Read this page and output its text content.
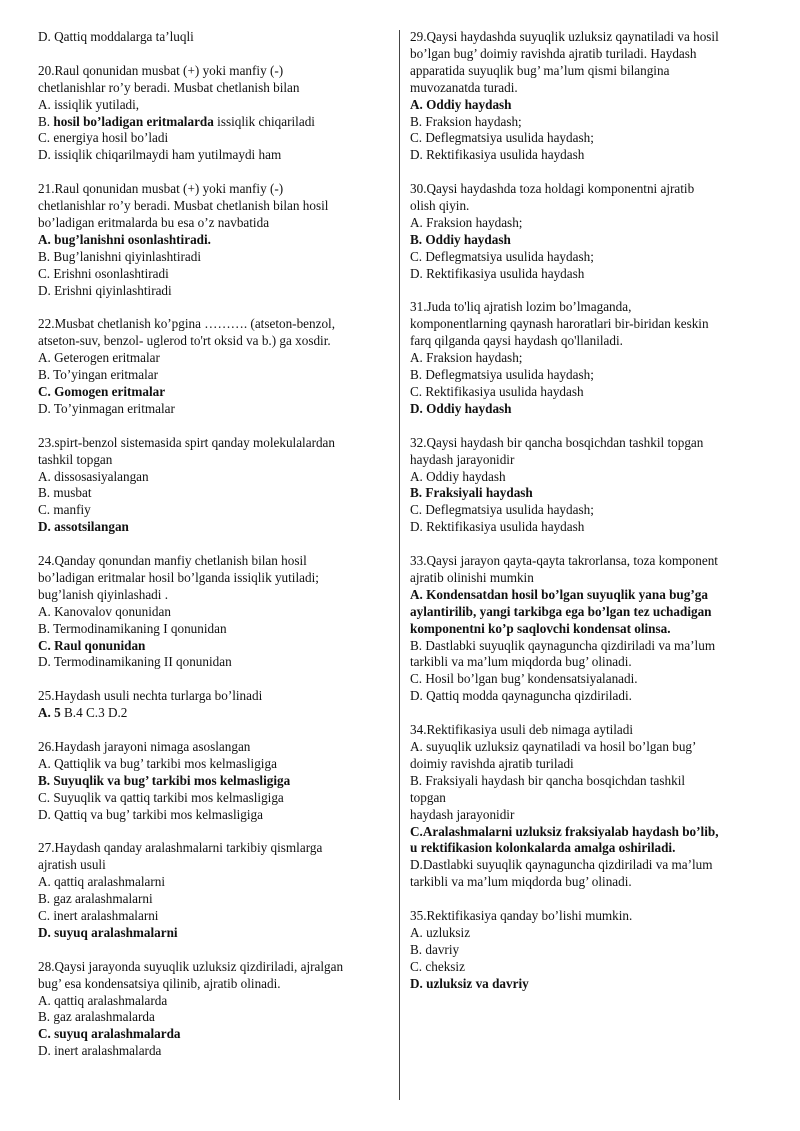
D. Qattiq moddalarga ta’luqli
20.Raul qonunidan musbat (+) yoki manfiy (-)
chetlanishlar ro’y beradi. Musbat chetlanish bilan
A. issiqlik yutiladi,
B. hosil bo’ladigan eritmalarda issiqlik chiqariladi
C. energiya hosil bo’ladi
D. issiqlik chiqarilmaydi ham yutilmaydi ham
21.Raul qonunidan musbat (+) yoki manfiy (-)
chetlanishlar ro’y beradi. Musbat chetlanish bilan hosil
bo’ladigan eritmalarda bu esa o’z navbatida
A. bug’lanishni osonlashtiradi.
B. Bug’lanishni qiyinlashtiradi
C. Erishni osonlashtiradi
D. Erishni qiyinlashtiradi
22.Musbat chetlanish ko’pgina ………. (atseton-benzol,
atseton-suv, benzol- uglerod to'rt oksid va b.) ga xosdir.
A. Geterogen eritmalar
B. To’yingan eritmalar
C. Gomogen eritmalar
D. To’yinmagan eritmalar
23.spirt-benzol sistemasida spirt qanday molekulalardan
tashkil topgan
A. dissosasiyalangan
B. musbat
C. manfiy
D. assotsilangan
24.Qanday qonundan manfiy chetlanish bilan hosil
bo’ladigan eritmalar hosil bo’lganda issiqlik yutiladi;
bug’lanish qiyinlashadi .
A. Kanovalov qonunidan
B. Termodinamikaning I qonunidan
C. Raul qonunidan
D. Termodinamikaning II qonunidan
25.Haydash usuli nechta turlarga bo’linadi
A. 5 B.4 C.3 D.2
26.Haydash jarayoni nimaga asoslangan
A. Qattiqlik va bug’ tarkibi mos kelmasligiga
B. Suyuqlik va bug’ tarkibi mos kelmasligiga
C. Suyuqlik va qattiq tarkibi mos kelmasligiga
D. Qattiq va bug’ tarkibi mos kelmasligiga
27.Haydash qanday aralashmalarni tarkibiy qismlarga
ajratish usuli
A. qattiq aralashmalarni
B. gaz aralashmalarni
C. inert aralashmalarni
D. suyuq aralashmalarni
28.Qaysi jarayonda suyuqlik uzluksiz qizdiriladi, ajralgan
bug’ esa kondensatsiya qilinib, ajratib olinadi.
A. qattiq aralashmalarda
B. gaz aralashmalarda
C. suyuq aralashmalarda
D. inert aralashmalarda
29.Qaysi haydashda suyuqlik uzluksiz qaynatiladi va hosil
bo’lgan bug’ doimiy ravishda ajratib turiladi. Haydash
apparatida suyuqlik bug’ ma’lum qismi bilangina
muvozanatda turadi.
A. Oddiy haydash
B. Fraksion haydash;
C. Deflegmatsiya usulida haydash;
D. Rektifikasiya usulida haydash
30.Qaysi haydashda toza holdagi komponentni ajratib
olish qiyin.
A. Fraksion haydash;
B. Oddiy haydash
C. Deflegmatsiya usulida haydash;
D. Rektifikasiya usulida haydash
31.Juda to'liq ajratish lozim bo’lmaganda,
komponentlarning qaynash haroratlari bir-biridan keskin
farq qilganda qaysi haydash qo'llaniladi.
A. Fraksion haydash;
B. Deflegmatsiya usulida haydash;
C. Rektifikasiya usulida haydash
D. Oddiy haydash
32.Qaysi haydash bir qancha bosqichdan tashkil topgan
haydash jarayonidir
A. Oddiy haydash
B. Fraksiyali haydash
C. Deflegmatsiya usulida haydash;
D. Rektifikasiya usulida haydash
33.Qaysi jarayon qayta-qayta takrorlansa, toza komponent
ajratib olinishi mumkin
A. Kondensatdan hosil bo’lgan suyuqlik yana bug’ga
aylantirilib, yangi tarkibga ega bo’lgan tez uchadigan
komponentni ko’p saqlovchi kondensat olinsa.
B. Dastlabki suyuqlik qaynaguncha qizdiriladi va ma’lum
tarkibli va ma’lum miqdorda bug’ olinadi.
C. Hosil bo’lgan bug’ kondensatsiyalanadi.
D. Qattiq modda qaynaguncha qizdiriladi.
34.Rektifikasiya usuli deb nimaga aytiladi
A. suyuqlik uzluksiz qaynatiladi va hosil bo’lgan bug’
doimiy ravishda ajratib turiladi
B. Fraksiyali haydash bir qancha bosqichdan tashkil
topgan
haydash jarayonidir
C.Aralashmalarni uzluksiz fraksiyalab haydash bo’lib,
u rektifikasion kolonkalarda amalga oshiriladi.
D.Dastlabki suyuqlik qaynaguncha qizdiriladi va ma’lum
tarkibli va ma’lum miqdorda bug’ olinadi.
35.Rektifikasiya qanday bo’lishi mumkin.
A. uzluksiz
B. davriy
C. cheksiz
D. uzluksiz va davriy
